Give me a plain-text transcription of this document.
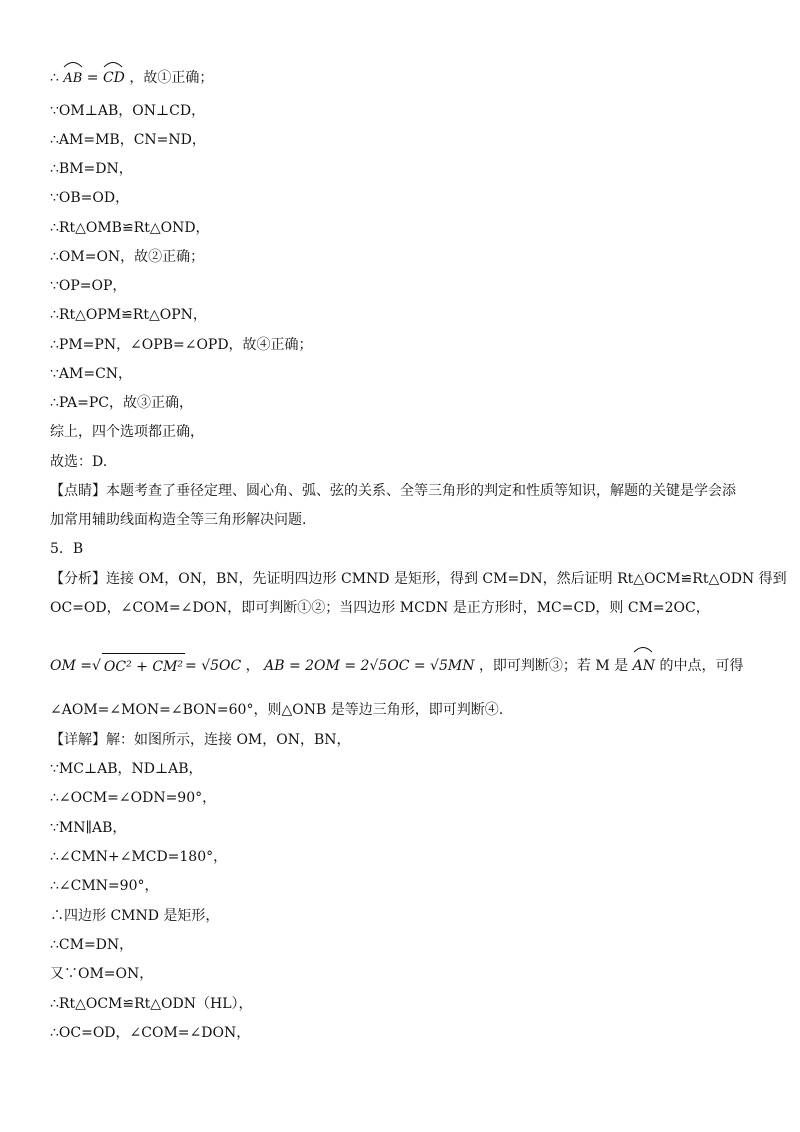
∴
AB =
CD ，故①正确；
∵OM⊥AB，ON⊥CD，
∴AM=MB，CN=ND，
∴BM=DN，
∵OB=OD，
∴Rt△OMB≌Rt△OND，
∴OM=ON，故②正确；
∵OP=OP，
∴Rt△OPM≌Rt△OPN，
∴PM=PN，∠OPB=∠OPD，故④正确；
∵AM=CN，
∴PA=PC，故③正确，
综上，四个选项都正确，
故选：D.
【点睛】本题考查了垂径定理、圆心角、弧、弦的关系、全等三角形的判定和性质等知识，解题的关键是学会添
加常用辅助线面构造全等三角形解决问题.
5．B
【分析】连接 OM，ON，BN，先证明四边形 CMND 是矩形，得到 CM=DN，然后证明 Rt△OCM≌Rt△ODN 得到
OC=OD，∠COM=∠DON，即可判断①②；当四边形 MCDN 是正方形时，MC=CD，则 CM=2OC，
OM = √ OC² + CM² = √5OC ， AB = 2OM = 2√5OC = √5MN ，即可判断③；若 M 是
AN 的中点，可得
∠AOM=∠MON=∠BON=60°，则△ONB 是等边三角形，即可判断④.
【详解】解：如图所示，连接 OM，ON，BN，
∵MC⊥AB，ND⊥AB，
∴∠OCM=∠ODN=90°，
∵MN∥AB，
∴∠CMN+∠MCD=180°，
∴∠CMN=90°，
∴四边形 CMND 是矩形，
∴CM=DN，
又∵OM=ON，
∴Rt△OCM≌Rt△ODN（HL），
∴OC=OD，∠COM=∠DON，
